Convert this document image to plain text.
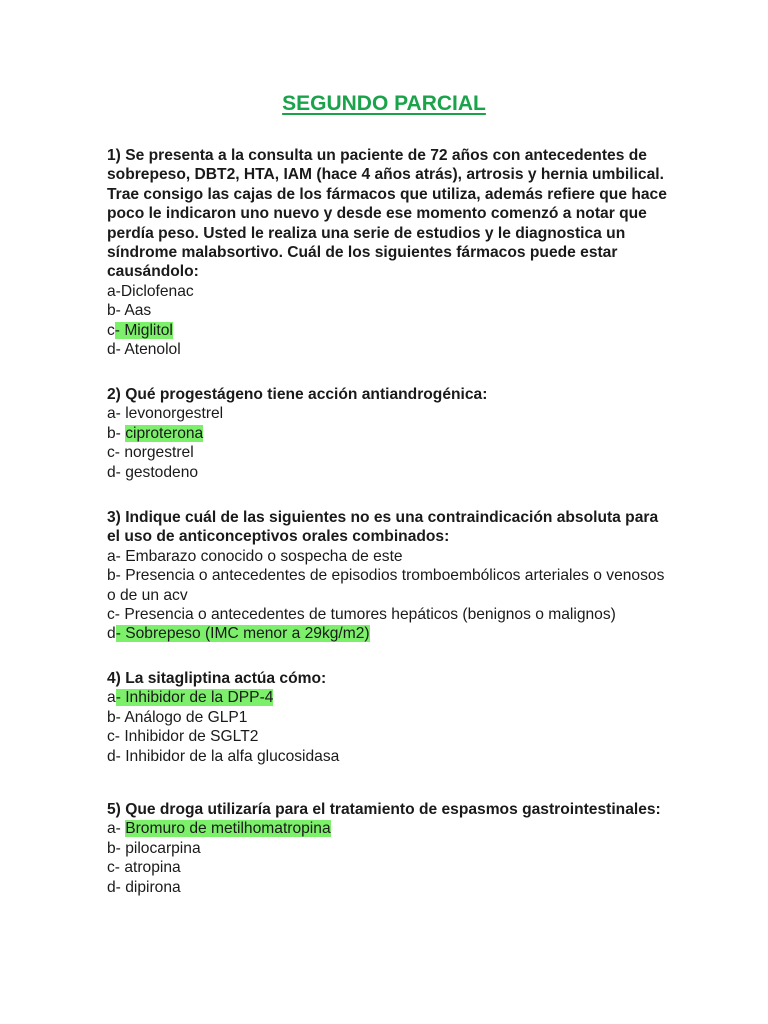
SEGUNDO PARCIAL

1) Se presenta a la consulta un paciente de 72 años con antecedentes de sobrepeso, DBT2, HTA, IAM (hace 4 años atrás), artrosis y hernia umbilical. Trae consigo las cajas de los fármacos que utiliza, además refiere que hace poco le indicaron uno nuevo y desde ese momento comenzó a notar que perdía peso. Usted le realiza una serie de estudios y le diagnostica un síndrome malabsortivo. Cuál de los siguientes fármacos puede estar causándolo:

a-Diclofenac

b- Aas

c- Miglitol

d- Atenolol

2) Qué progestágeno tiene acción antiandrogénica:

a- levonorgestrel

b- ciproterona

c- norgestrel

d- gestodeno

3) Indique cuál de las siguientes no es una contraindicación absoluta para el uso de anticonceptivos orales combinados:

a- Embarazo conocido o sospecha de este

b- Presencia o antecedentes de episodios tromboembólicos arteriales o venosos o de un acv

c- Presencia o antecedentes de tumores hepáticos (benignos o malignos)

d- Sobrepeso (IMC menor a 29kg/m2)

4) La sitagliptina actúa cómo:

a- Inhibidor de la DPP-4

b- Análogo de GLP1

c- Inhibidor de SGLT2

d- Inhibidor de la alfa glucosidasa

5) Que droga utilizaría para el tratamiento de espasmos gastrointestinales:

a- Bromuro de metilhomatropina

b- pilocarpina

c- atropina

d- dipirona
